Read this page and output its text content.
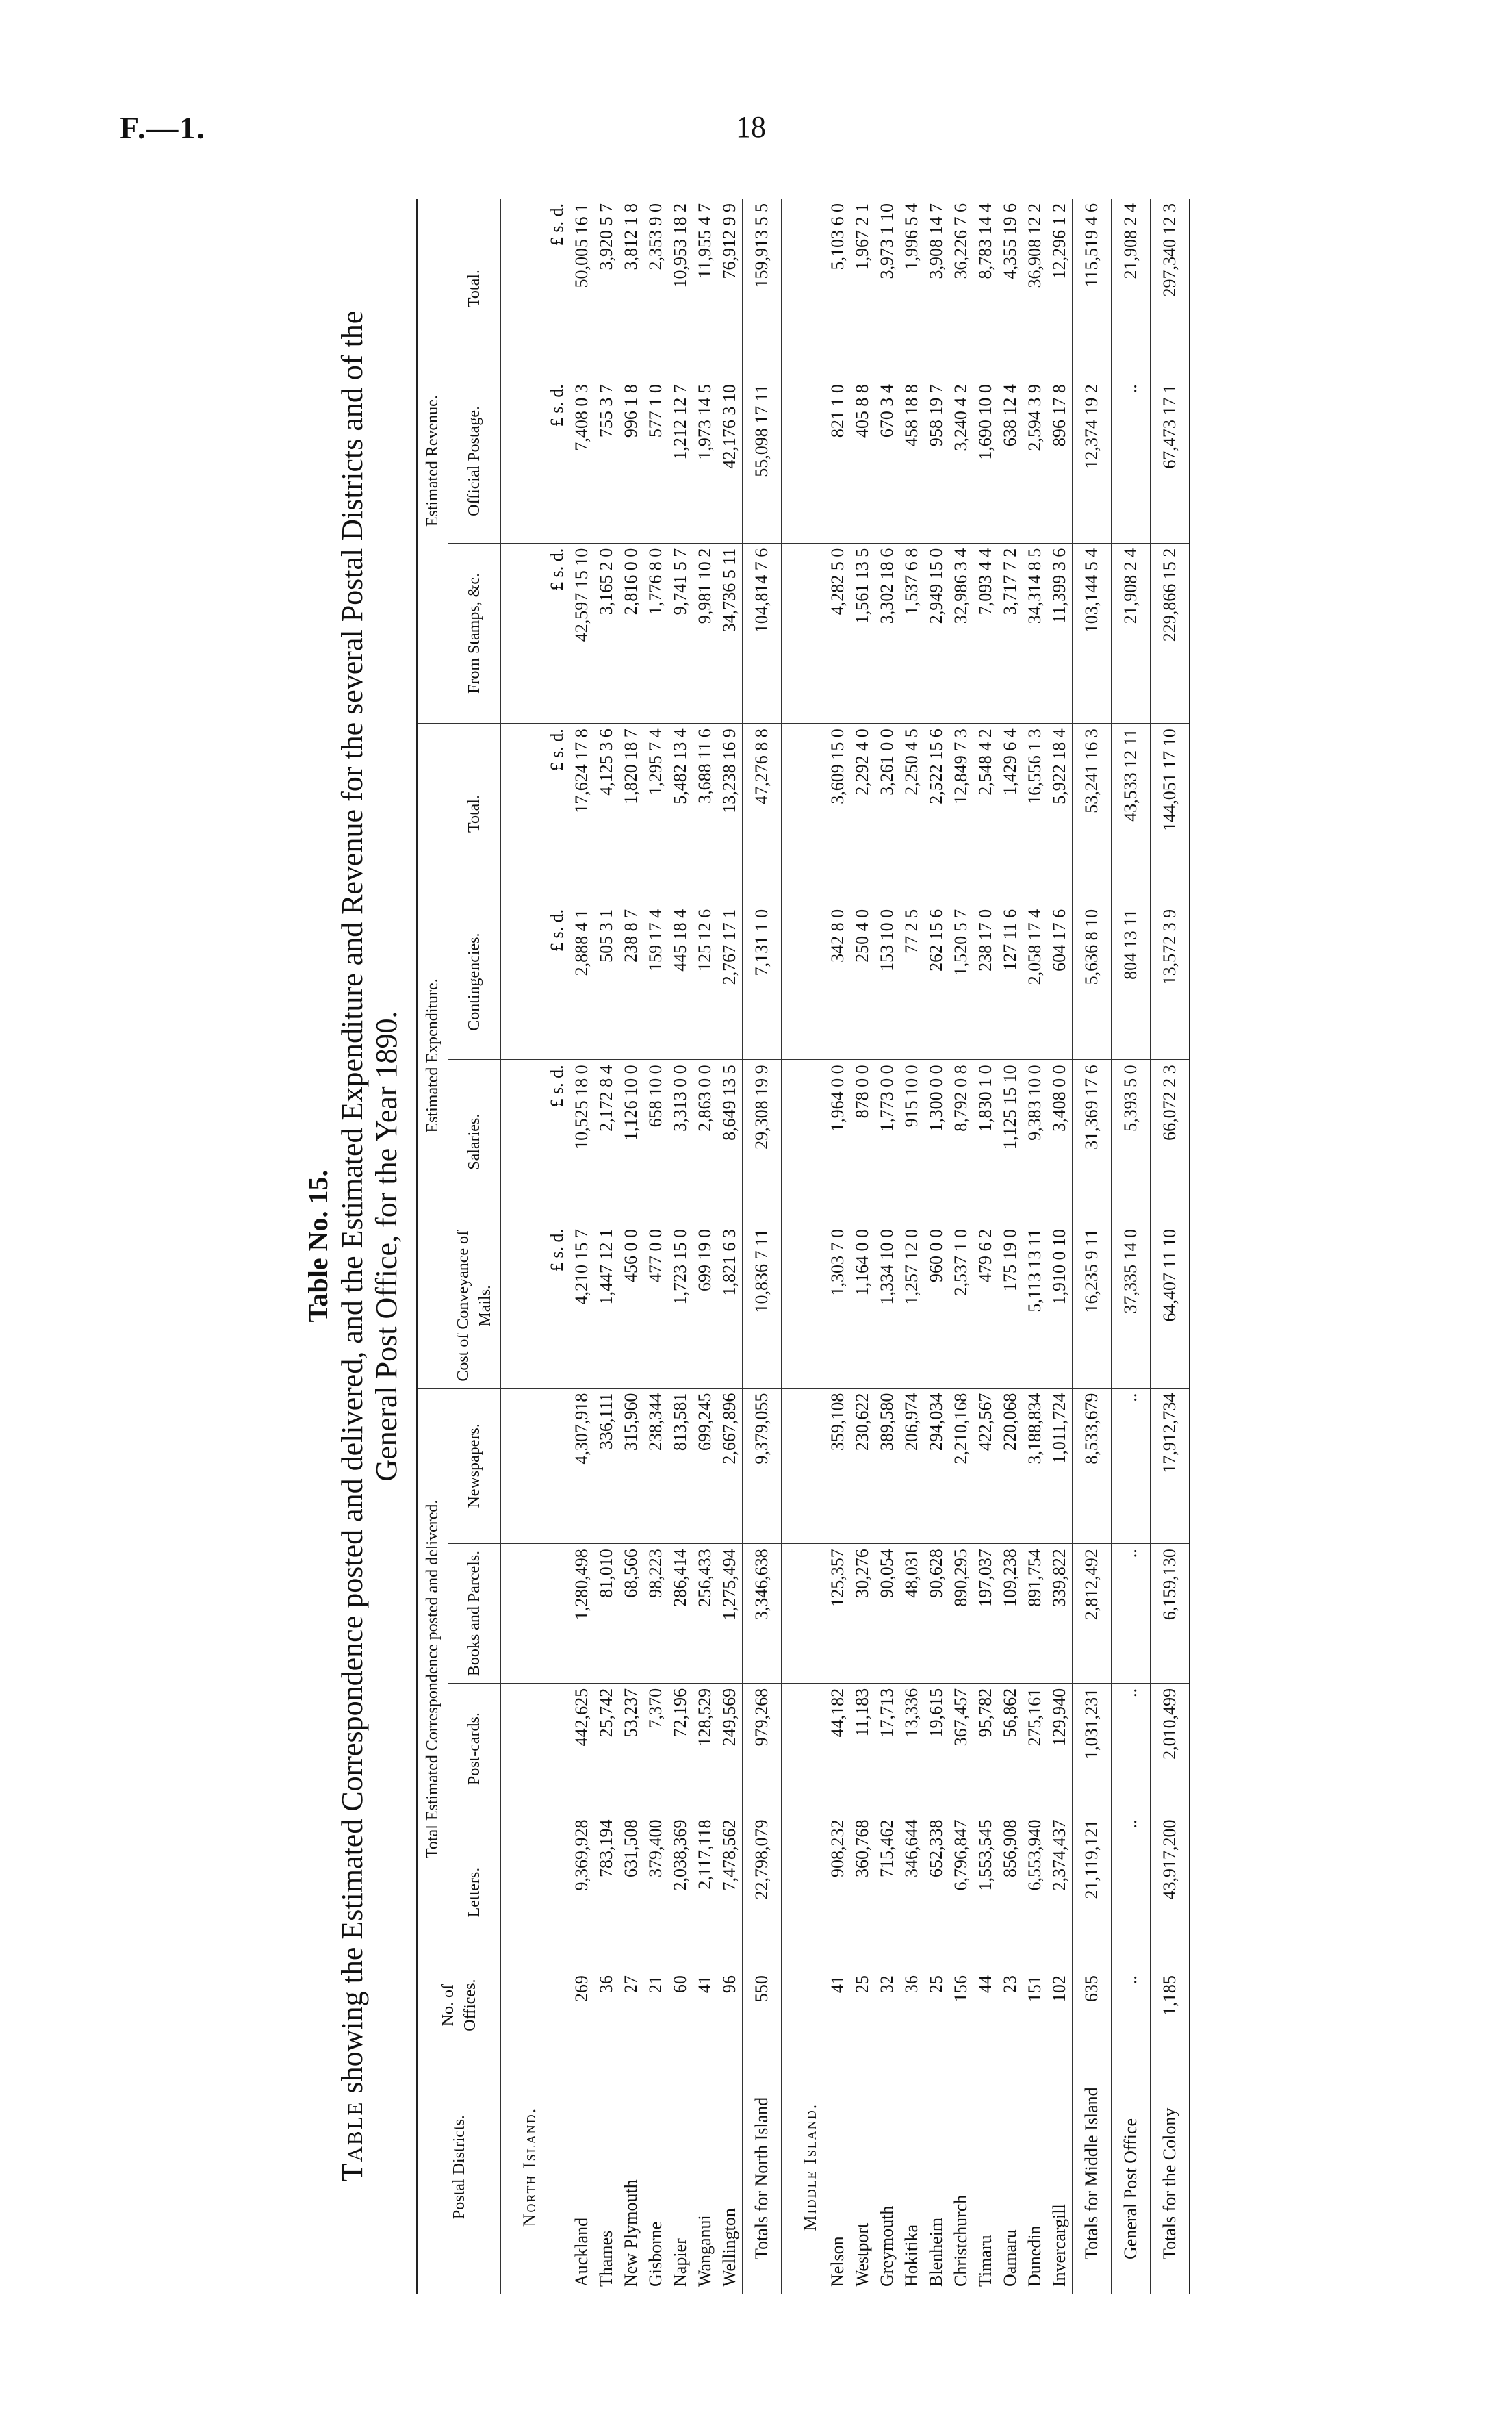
F.—1.	18
Table No. 15.
Table showing the Estimated Correspondence posted and delivered, and the Estimated Expenditure and Revenue for the several Postal Districts and of the General Post Office, for the Year 1890.
Postal Districts.	No. of Offices.	Total Estimated Correspondence posted and delivered.				Estimated Expenditure.				Estimated Revenue.		
		Letters.	Post-cards.	Books and Parcels.	Newspapers.	Cost of Conveyance of Mails.	Salaries.	Contingencies.	Total.	From Stamps, &c.	Official Postage.	Total.
North Island.												
						£ s. d.	£ s. d.	£ s. d.	£ s. d.	£ s. d.	£ s. d.	£ s. d.
Auckland	269	9,369,928	442,625	1,280,498	4,307,918	4,210 15 7	10,525 18 0	2,888 4 1	17,624 17 8	42,597 15 10	7,408 0 3	50,005 16 1
Thames	36	783,194	25,742	81,010	336,111	1,447 12 1	2,172 8 4	505 3 1	4,125 3 6	3,165 2 0	755 3 7	3,920 5 7
New Plymouth	27	631,508	53,237	68,566	315,960	456 0 0	1,126 10 0	238 8 7	1,820 18 7	2,816 0 0	996 1 8	3,812 1 8
Gisborne	21	379,400	7,370	98,223	238,344	477 0 0	658 10 0	159 17 4	1,295 7 4	1,776 8 0	577 1 0	2,353 9 0
Napier	60	2,038,369	72,196	286,414	813,581	1,723 15 0	3,313 0 0	445 18 4	5,482 13 4	9,741 5 7	1,212 12 7	10,953 18 2
Wanganui	41	2,117,118	128,529	256,433	699,245	699 19 0	2,863 0 0	125 12 6	3,688 11 6	9,981 10 2	1,973 14 5	11,955 4 7
Wellington	96	7,478,562	249,569	1,275,494	2,667,896	1,821 6 3	8,649 13 5	2,767 17 1	13,238 16 9	34,736 5 11	42,176 3 10	76,912 9 9
Totals for North Island	550	22,798,079	979,268	3,346,638	9,379,055	10,836 7 11	29,308 19 9	7,131 1 0	47,276 8 8	104,814 7 6	55,098 17 11	159,913 5 5
Middle Island.												
Nelson	41	908,232	44,182	125,357	359,108	1,303 7 0	1,964 0 0	342 8 0	3,609 15 0	4,282 5 0	821 1 0	5,103 6 0
Westport	25	360,768	11,183	30,276	230,622	1,164 0 0	878 0 0	250 4 0	2,292 4 0	1,561 13 5	405 8 8	1,967 2 1
Greymouth	32	715,462	17,713	90,054	389,580	1,334 10 0	1,773 0 0	153 10 0	3,261 0 0	3,302 18 6	670 3 4	3,973 1 10
Hokitika	36	346,644	13,336	48,031	206,974	1,257 12 0	915 10 0	77 2 5	2,250 4 5	1,537 6 8	458 18 8	1,996 5 4
Blenheim	25	652,338	19,615	90,628	294,034	960 0 0	1,300 0 0	262 15 6	2,522 15 6	2,949 15 0	958 19 7	3,908 14 7
Christchurch	156	6,796,847	367,457	890,295	2,210,168	2,537 1 0	8,792 0 8	1,520 5 7	12,849 7 3	32,986 3 4	3,240 4 2	36,226 7 6
Timaru	44	1,553,545	95,782	197,037	422,567	479 6 2	1,830 1 0	238 17 0	2,548 4 2	7,093 4 4	1,690 10 0	8,783 14 4
Oamaru	23	856,908	56,862	109,238	220,068	175 19 0	1,125 15 10	127 11 6	1,429 6 4	3,717 7 2	638 12 4	4,355 19 6
Dunedin	151	6,553,940	275,161	891,754	3,188,834	5,113 13 11	9,383 10 0	2,058 17 4	16,556 1 3	34,314 8 5	2,594 3 9	36,908 12 2
Invercargill	102	2,374,437	129,940	339,822	1,011,724	1,910 0 10	3,408 0 0	604 17 6	5,922 18 4	11,399 3 6	896 17 8	12,296 1 2
Totals for Middle Island	635	21,119,121	1,031,231	2,812,492	8,533,679	16,235 9 11	31,369 17 6	5,636 8 10	53,241 16 3	103,144 5 4	12,374 19 2	115,519 4 6
General Post Office	..	..	..	..	..	37,335 14 0	5,393 5 0	804 13 11	43,533 12 11	21,908 2 4	..	21,908 2 4
Totals for the Colony	1,185	43,917,200	2,010,499	6,159,130	17,912,734	64,407 11 10	66,072 2 3	13,572 3 9	144,051 17 10	229,866 15 2	67,473 17 1	297,340 12 3
